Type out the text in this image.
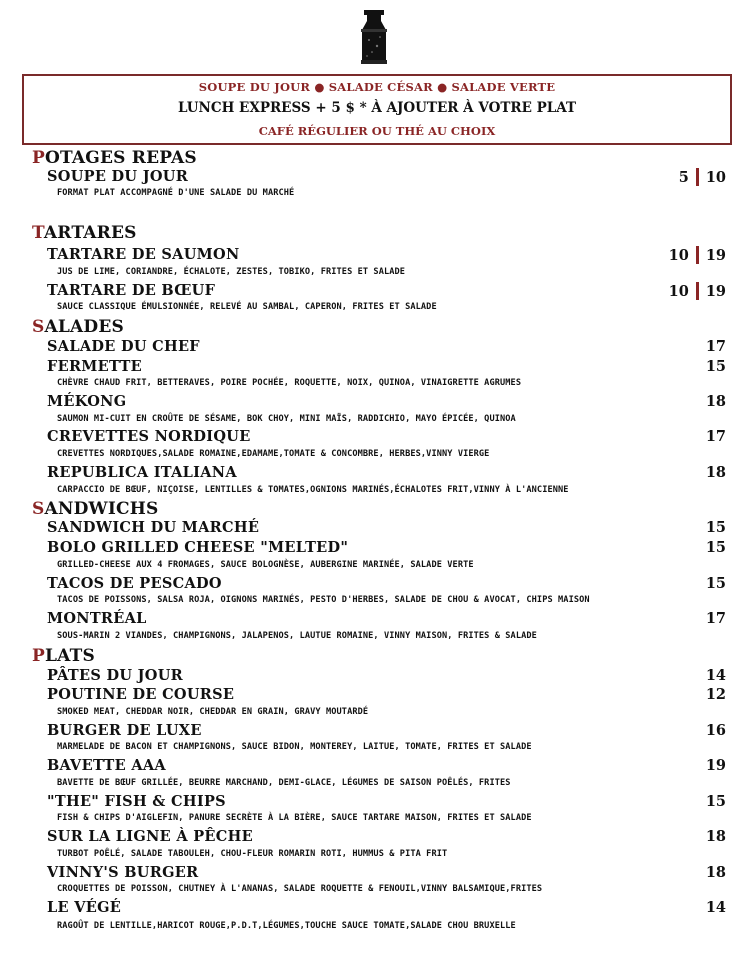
SOUPE DU JOUR ● SALADE CÉSAR ● SALADE VERTE
LUNCH EXPRESS + 5 $ * À AJOUTER À VOTRE PLAT
CAFÉ RÉGULIER OU THÉ AU CHOIX
POTAGES REPAS
SOUPE DU JOUR	5 10
FORMAT PLAT ACCOMPAGNÉ D'UNE SALADE DU MARCHÉ
TARTARES
TARTARE DE SAUMON	10 19
JUS DE LIME, CORIANDRE, ÉCHALOTE, ZESTES, TOBIKO, FRITES ET SALADE
TARTARE DE BŒUF	10 19
SAUCE CLASSIQUE ÉMULSIONNÉE, RELEVÉ AU SAMBAL, CAPERON, FRITES ET SALADE
SALADES
SALADE DU CHEF	17
FERMETTE	15
CHÈVRE CHAUD FRIT, BETTERAVES, POIRE POCHÉE, ROQUETTE, NOIX, QUINOA, VINAIGRETTE AGRUMES
MÉKONG	18
SAUMON MI-CUIT EN CROÛTE DE SÉSAME, BOK CHOY, MINI MAÏS, RADDICHIO, MAYO ÉPICÉE, QUINOA
CREVETTES NORDIQUE	17
CREVETTES NORDIQUES,SALADE ROMAINE,EDAMAME,TOMATE & CONCOMBRE, HERBES,VINNY VIERGE
REPUBLICA ITALIANA	18
CARPACCIO DE BŒUF, NIÇOISE, LENTILLES & TOMATES,OGNIONS MARINÉS,ÉCHALOTES FRIT,VINNY À L'ANCIENNE
SANDWICHS
SANDWICH DU MARCHÉ	15
BOLO GRILLED CHEESE "MELTED"	15
GRILLED-CHEESE AUX 4 FROMAGES, SAUCE BOLOGNÈSE, AUBERGINE MARINÉE, SALADE VERTE
TACOS DE PESCADO	15
TACOS DE POISSONS, SALSA ROJA, OIGNONS MARINÉS, PESTO D'HERBES, SALADE DE CHOU & AVOCAT, CHIPS MAISON
MONTRÉAL	17
SOUS-MARIN 2 VIANDES, CHAMPIGNONS, JALAPENOS, LAUTUE ROMAINE, VINNY MAISON, FRITES & SALADE
PLATS
PÂTES DU JOUR	14
POUTINE DE COURSE	12
SMOKED MEAT, CHEDDAR NOIR, CHEDDAR EN GRAIN, GRAVY MOUTARDÉ
BURGER DE LUXE	16
MARMELADE DE BACON ET CHAMPIGNONS, SAUCE BIDON, MONTEREY, LAITUE, TOMATE, FRITES ET SALADE
BAVETTE AAA	19
BAVETTE DE BŒUF GRILLÉE, BEURRE MARCHAND, DEMI-GLACE, LÉGUMES DE SAISON POÊLÉS, FRITES
"THE" FISH & CHIPS	15
FISH & CHIPS D'AIGLEFIN, PANURE SECRÈTE À LA BIÈRE, SAUCE TARTARE MAISON, FRITES ET SALADE
SUR LA LIGNE À PÊCHE	18
TURBOT POÊLÉ, SALADE TABOULEH, CHOU-FLEUR ROMARIN ROTI, HUMMUS & PITA FRIT
VINNY'S BURGER	18
CROQUETTES DE POISSON, CHUTNEY À L'ANANAS, SALADE ROQUETTE & FENOUIL,VINNY BALSAMIQUE,FRITES
LE VÉGÉ	14
RAGOÛT DE LENTILLE,HARICOT ROUGE,P.D.T,LÉGUMES,TOUCHE SAUCE TOMATE,SALADE CHOU BRUXELLE
